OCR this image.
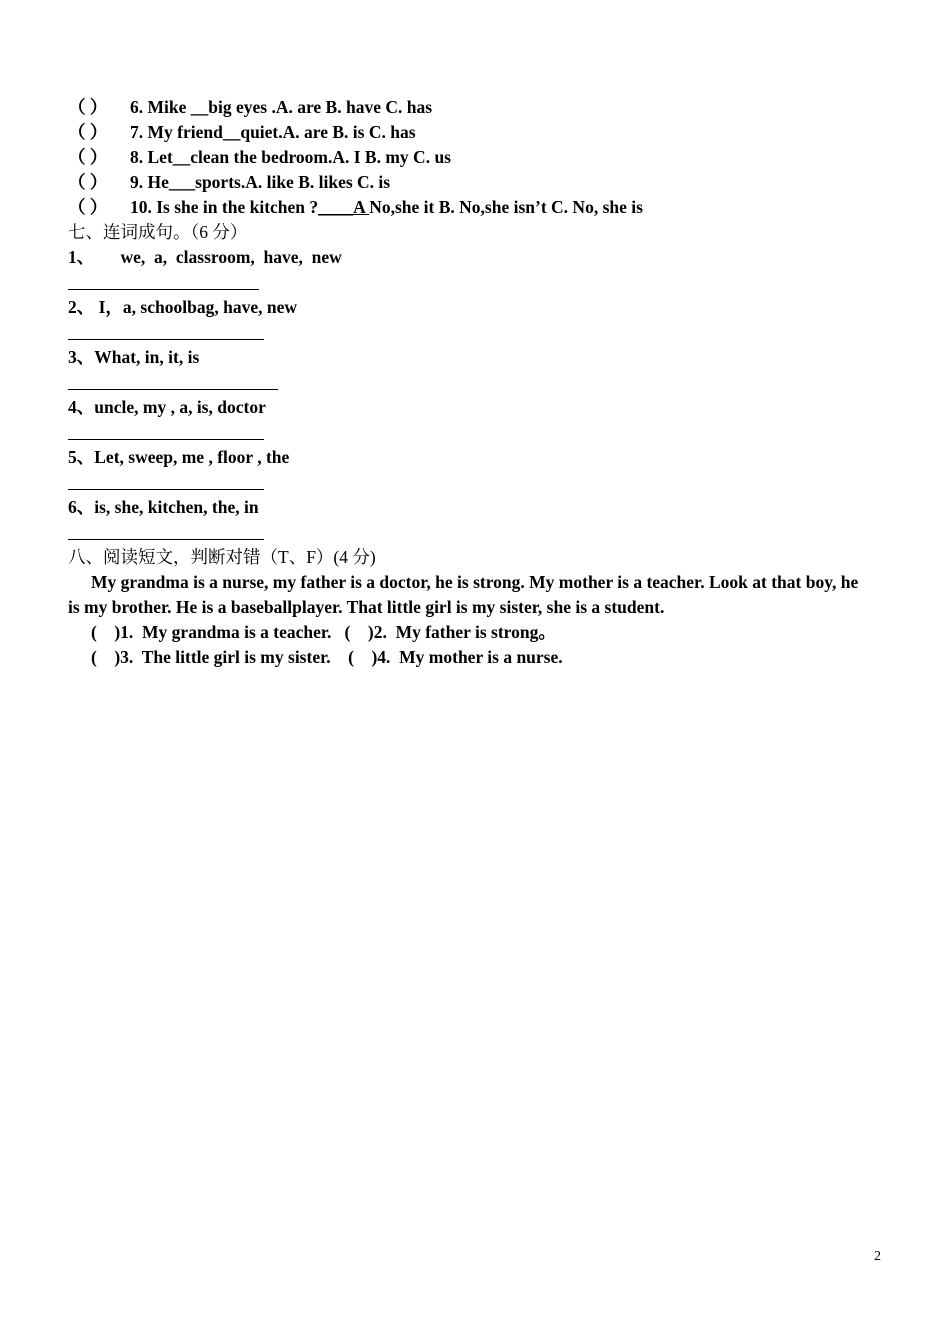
（ ）	6. Mike __big eyes .A. are B. have C. has
（ ）	7. My friend__quiet.A. are B. is C. has
（ ）	8. Let__clean the bedroom.A. I B. my C. us
（ ）	9. He___sports.A. like B. likes C. is
（ ）	10. Is she in the kitchen ? ____A No,she it B. No,she isn’t C. No, she is
七、连词成句。（6 分）
1、      we,  a,  classroom,  have,  new
2、 I，a, schoolbag, have, new
3、What, in, it, is
4、uncle, my , a, is, doctor
5、Let, sweep, me , floor , the
6、is, she, kitchen, the, in
八、阅读短文，判断对错（T、F）(4 分)

My grandma is a nurse, my father is a doctor, he is strong. My mother is a teacher. Look at that boy, he is my brother. He is a baseballplayer. That little girl is my sister, she is a student.

(    )1.  My grandma is a teacher.   (    )2.  My father is strong。
(    )3.  The little girl is my sister.    (    )4.  My mother is a nurse.
2
